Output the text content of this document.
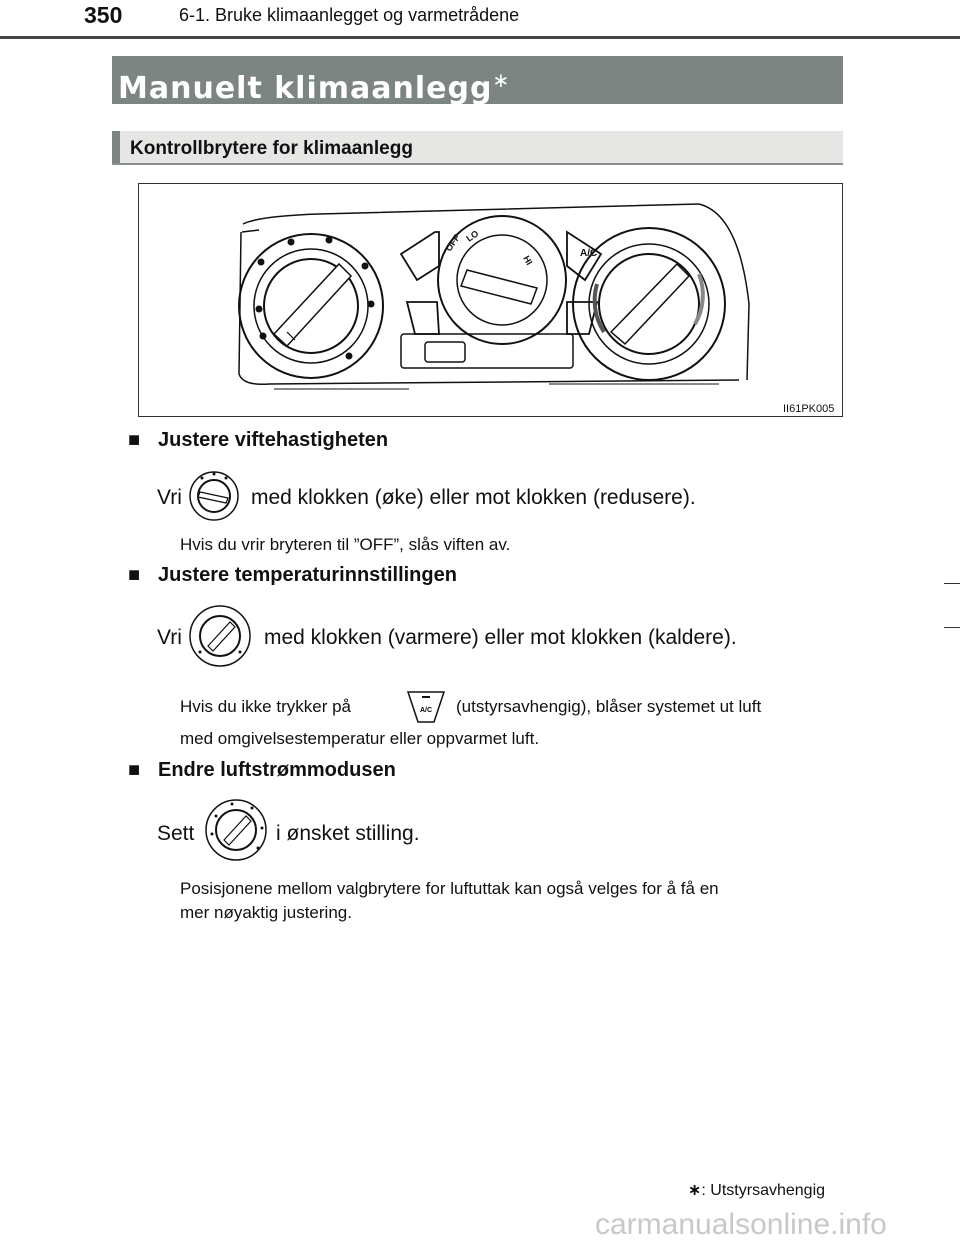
350	6-1. Bruke klimaanlegget og varmetrådene
Manuelt klimaanlegg∗
Kontrollbrytere for klimaanlegg
OFF LO
HI
A/C
II61PK005
■ Justere viftehastigheten
Vri	med klokken (øke) eller mot klokken (redusere).
Hvis du vrir bryteren til ”OFF”, slås viften av.
■ Justere temperaturinnstillingen
Vri	med klokken (varmere) eller mot klokken (kaldere).
Hvis du ikke trykker på	A/C (utstyrsavhengig), blåser systemet ut luft
med omgivelsestemperatur eller oppvarmet luft.
■ Endre luftstrømmodusen
Sett	i ønsket stilling.
Posisjonene mellom valgbrytere for luftuttak kan også velges for å få en
mer nøyaktig justering.
∗: Utstyrsavhengig
carmanualsonline.info
